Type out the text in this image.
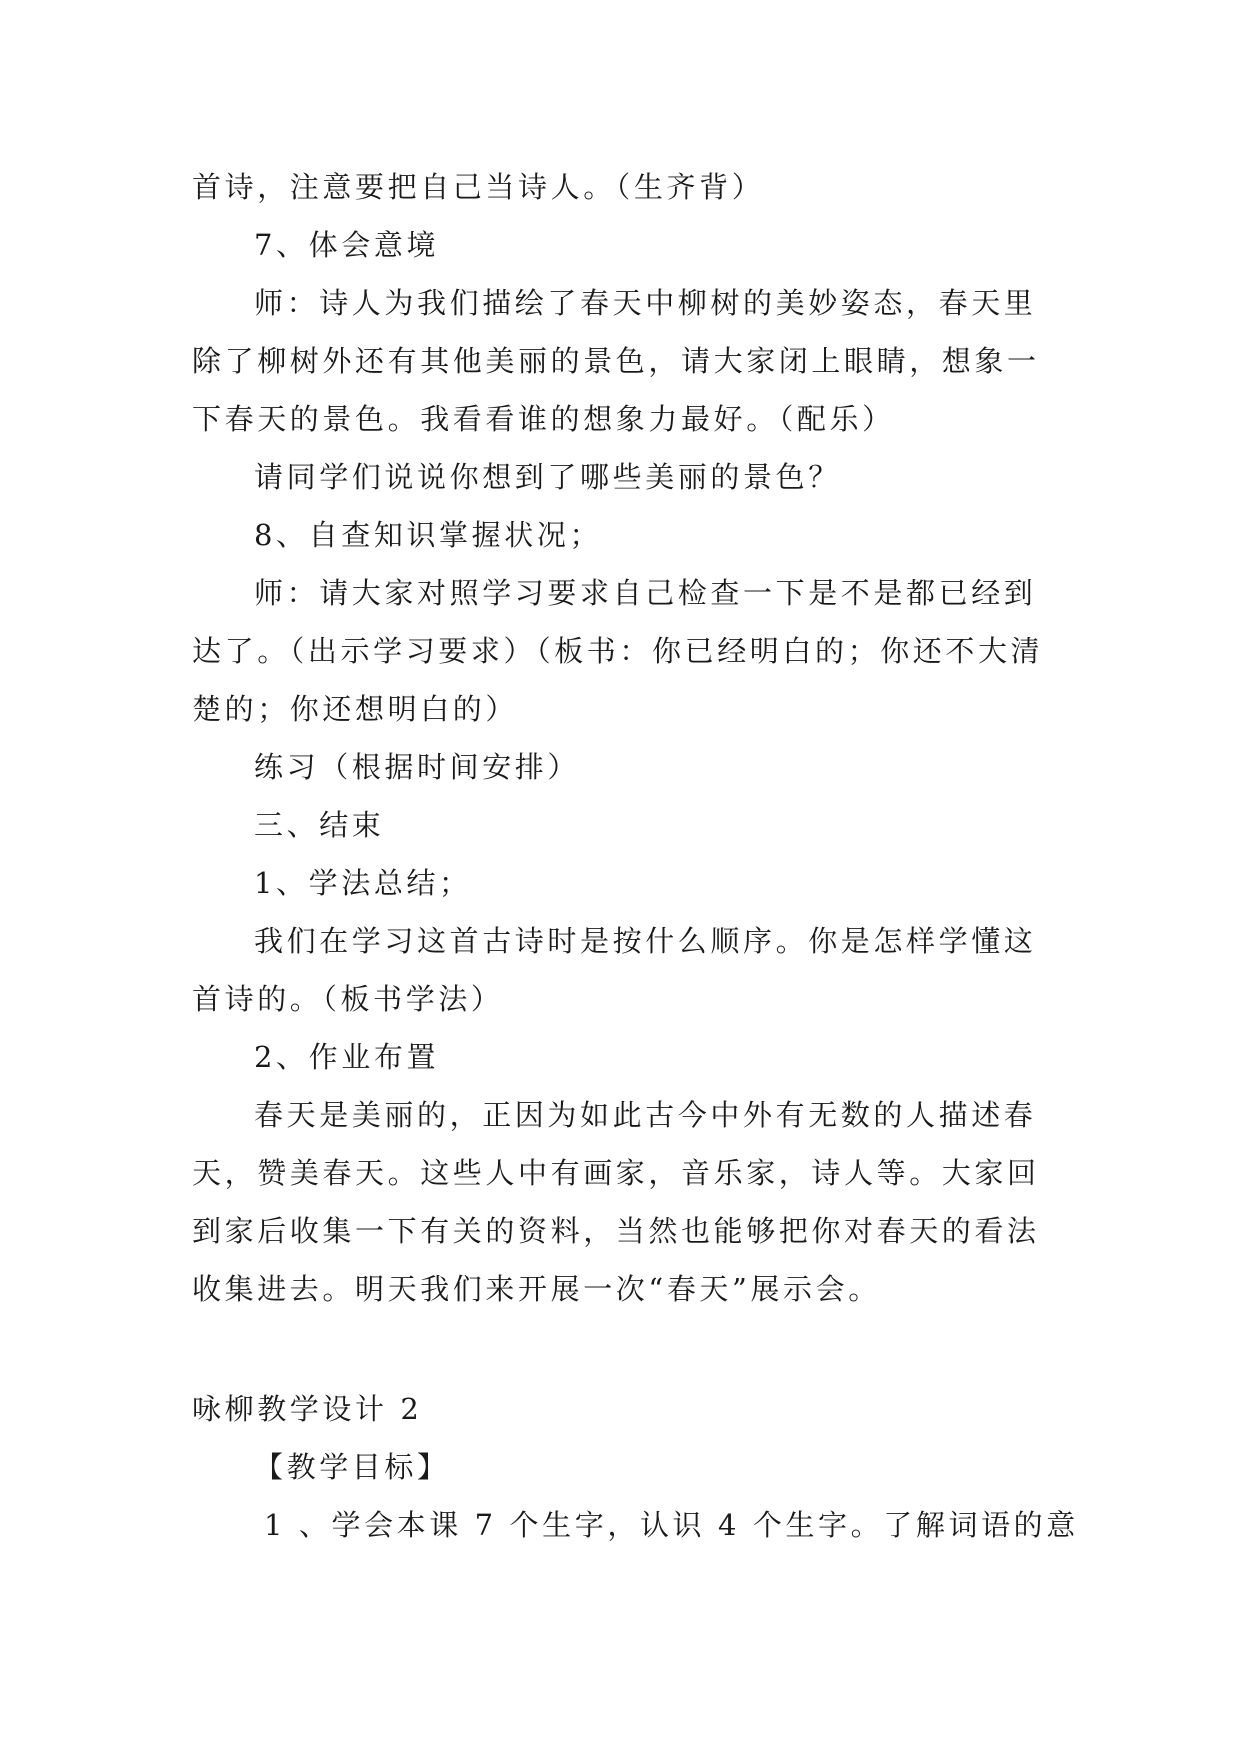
首诗，注意要把自己当诗人。（生齐背）
7、体会意境
师：诗人为我们描绘了春天中柳树的美妙姿态，春天里
除了柳树外还有其他美丽的景色，请大家闭上眼睛，想象一
下春天的景色。我看看谁的想象力最好。（配乐）
请同学们说说你想到了哪些美丽的景色？
8、自查知识掌握状况；
师：请大家对照学习要求自己检查一下是不是都已经到
达了。（出示学习要求）（板书：你已经明白的；你还不大清
楚的；你还想明白的）
练习（根据时间安排）
三、结束
1、学法总结；
我们在学习这首古诗时是按什么顺序。你是怎样学懂这
首诗的。（板书学法）
2、作业布置
春天是美丽的，正因为如此古今中外有无数的人描述春
天，赞美春天。这些人中有画家，音乐家，诗人等。大家回
到家后收集一下有关的资料，当然也能够把你对春天的看法
收集进去。明天我们来开展一次“春天”展示会。
咏柳教学设计 2
【教学目标】
1 、学会本课 7 个生字，认识 4 个生字。了解词语的意
